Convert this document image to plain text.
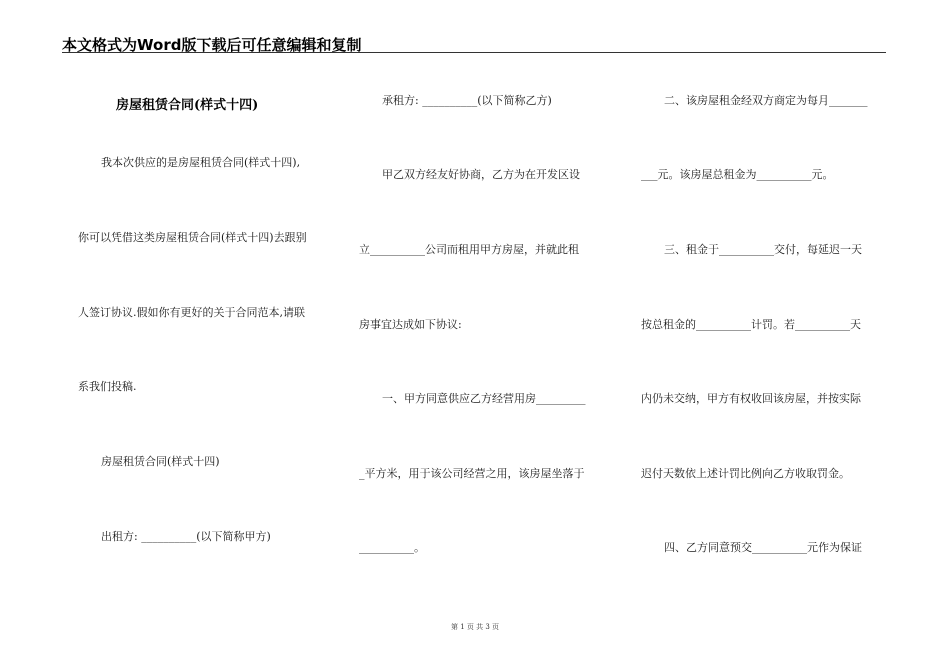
本文格式为Word版下载后可任意编辑和复制
房屋租赁合同(样式十四)
我本次供应的是房屋租赁合同(样式十四),
你可以凭借这类房屋租赁合同(样式十四)去跟别
人签订协议.假如你有更好的关于合同范本,请联
系我们投稿.
房屋租赁合同(样式十四)
出租方: __________(以下简称甲方)
承租方: __________(以下简称乙方)
甲乙双方经友好协商，乙方为在开发区设
立__________公司而租用甲方房屋，并就此租
房事宜达成如下协议:
一、甲方同意供应乙方经营用房_________
_平方米，用于该公司经营之用，该房屋坐落于
__________。
二、该房屋租金经双方商定为每月_______
___元。该房屋总租金为__________元。
三、租金于__________交付，每延迟一天
按总租金的__________计罚。若__________天
内仍未交纳，甲方有权收回该房屋，并按实际
迟付天数依上述计罚比例向乙方收取罚金。
四、乙方同意预交__________元作为保证
第 1 页 共 3 页
